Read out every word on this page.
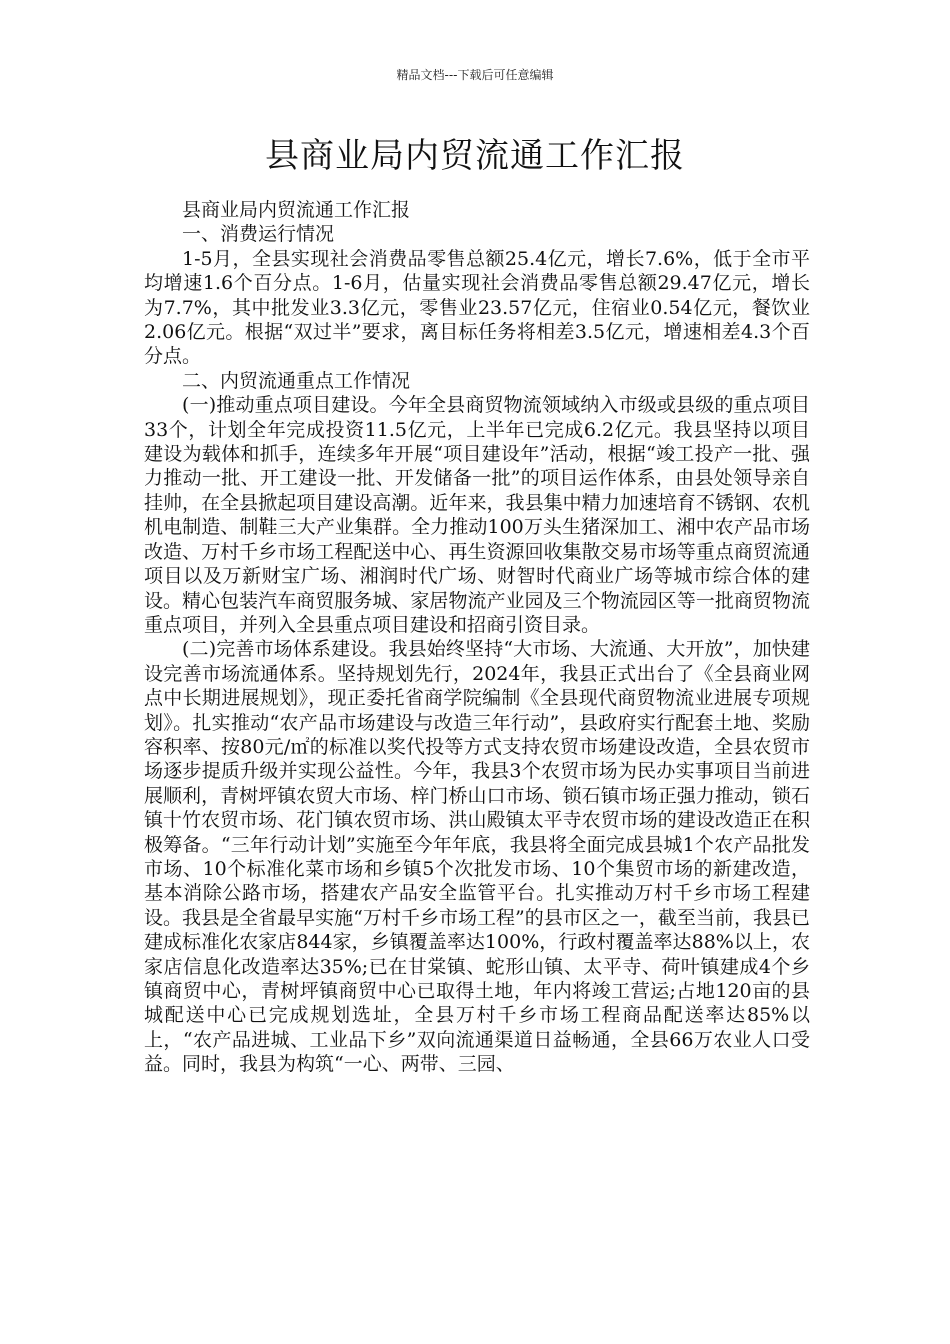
精品文档---下载后可任意编辑
县商业局内贸流通工作汇报

县商业局内贸流通工作汇报

一、消费运行情况

1-5月，全县实现社会消费品零售总额25.4亿元，增长7.6%，低于全市平均增速1.6个百分点。1-6月，估量实现社会消费品零售总额29.47亿元，增长为7.7%，其中批发业3.3亿元，零售业23.57亿元，住宿业0.54亿元，餐饮业2.06亿元。根据“双过半”要求，离目标任务将相差3.5亿元，增速相差4.3个百分点。

二、内贸流通重点工作情况

(一)推动重点项目建设。今年全县商贸物流领域纳入市级或县级的重点项目33个，计划全年完成投资11.5亿元，上半年已完成6.2亿元。我县坚持以项目建设为载体和抓手，连续多年开展“项目建设年”活动，根据“竣工投产一批、强力推动一批、开工建设一批、开发储备一批”的项目运作体系，由县处领导亲自挂帅，在全县掀起项目建设高潮。近年来，我县集中精力加速培育不锈钢、农机机电制造、制鞋三大产业集群。全力推动100万头生猪深加工、湘中农产品市场改造、万村千乡市场工程配送中心、再生资源回收集散交易市场等重点商贸流通项目以及万新财宝广场、湘润时代广场、财智时代商业广场等城市综合体的建设。精心包装汽车商贸服务城、家居物流产业园及三个物流园区等一批商贸物流重点项目，并列入全县重点项目建设和招商引资目录。

(二)完善市场体系建设。我县始终坚持“大市场、大流通、大开放”，加快建设完善市场流通体系。坚持规划先行，2024年，我县正式出台了《全县商业网点中长期进展规划》，现正委托省商学院编制《全县现代商贸物流业进展专项规划》。扎实推动“农产品市场建设与改造三年行动”，县政府实行配套土地、奖励容积率、按80元/㎡的标准以奖代投等方式支持农贸市场建设改造，全县农贸市场逐步提质升级并实现公益性。今年，我县3个农贸市场为民办实事项目当前进展顺利，青树坪镇农贸大市场、梓门桥山口市场、锁石镇市场正强力推动，锁石镇十竹农贸市场、花门镇农贸市场、洪山殿镇太平寺农贸市场的建设改造正在积极筹备。“三年行动计划”实施至今年年底，我县将全面完成县城1个农产品批发市场、10个标准化菜市场和乡镇5个次批发市场、10个集贸市场的新建改造，基本消除公路市场，搭建农产品安全监管平台。扎实推动万村千乡市场工程建设。我县是全省最早实施“万村千乡市场工程”的县市区之一，截至当前，我县已建成标准化农家店844家，乡镇覆盖率达100%，行政村覆盖率达88%以上，农家店信息化改造率达35%;已在甘棠镇、蛇形山镇、太平寺、荷叶镇建成4个乡镇商贸中心，青树坪镇商贸中心已取得土地，年内将竣工营运;占地120亩的县城配送中心已完成规划选址，全县万村千乡市场工程商品配送率达85%以上，“农产品进城、工业品下乡”双向流通渠道日益畅通，全县66万农业人口受益。同时，我县为构筑“一心、两带、三园、
